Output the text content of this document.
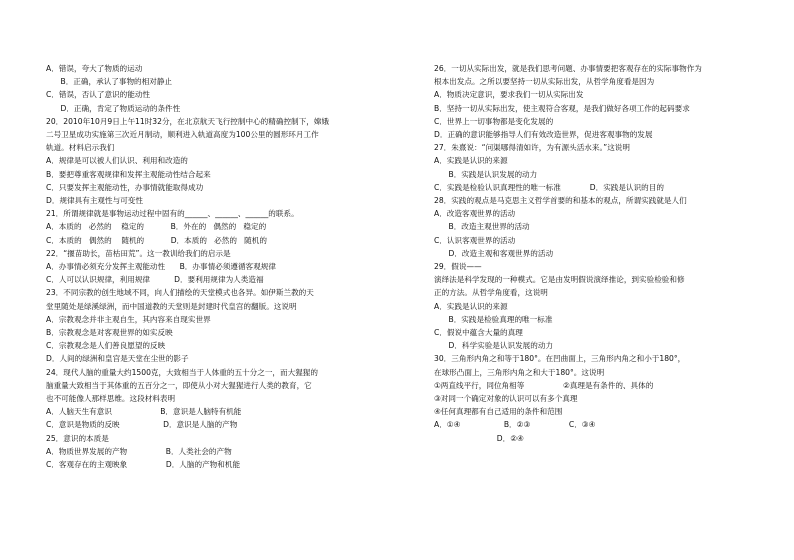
A．错误，夸大了物质的运动
B．正确，承认了事物的相对静止
C．错误，否认了意识的能动性
D．正确，肯定了物质运动的条件性
20．2010年10月9日上午11时32分，在北京航天飞行控制中心的精确控制下，嫦娥
二号卫星成功实施第三次近月制动，顺利进入轨道高度为100公里的圆形环月工作
轨道。材料启示我们
A．规律是可以被人们认识、利用和改造的
B．要把尊重客观规律和发挥主观能动性结合起来
C．只要发挥主观能动性，办事情就能取得成功
D．规律具有主观性与可变性
21．所谓规律就是事物运动过程中固有的______、______、______的联系。
A．本质的   必然的    稳定的           B．外在的   偶然的   稳定的
C．本质的   偶然的    随机的           D．本质的   必然的   随机的
22．“揠苗助长，苗枯田荒”。这一教训给我们的启示是
A．办事情必须充分发挥主观能动性      B．办事情必须遵循客观规律
C．人可以认识规律，利用规律          D．要利用规律为人类造福
23．不同宗教的创生地域不同，向人们描绘的天堂模式也各异。如伊斯兰教的天
堂里随处是绿溪绿洲，而中国道教的天堂则是封建时代皇宫的翻版。这说明
A．宗教观念并非主观自生，其内容来自现实世界
B．宗教观念是对客观世界的如实反映
C．宗教观念是人们善良愿望的反映
D．人间的绿洲和皇宫是天堂在尘世的影子
24．现代人脑的重量大约1500克，大致相当于人体重的五十分之一，而大猩猩的
脑重量大致相当于其体重的五百分之一，即使从小对大猩猩进行人类的教育，它
也不可能像人那样思维。这段材料表明
A．人脑天生有意识                    B．意识是人脑特有机能
C．意识是物质的反映                  D．意识是人脑的产物
25．意识的本质是
A．物质世界发展的产物                B．人类社会的产物
C．客观存在的主观映象                D．人脑的产物和机能
26．一切从实际出发，就是我们思考问题、办事情要把客观存在的实际事物作为
根本出发点。之所以要坚持一切从实际出发，从哲学角度看是因为
A．物质决定意识，要求我们一切从实际出发
B．坚持一切从实际出发，使主观符合客观，是我们做好各项工作的起码要求
C．世界上一切事物都是变化发展的
D．正确的意识能够指导人们有效改造世界，促进客观事物的发展
27．朱熹说：“问渠哪得清如许，为有源头活水来。”这说明
A．实践是认识的来源
B．实践是认识发展的动力
C．实践是检验认识真理性的唯一标准            D．实践是认识的目的
28．实践的观点是马克思主义哲学首要的和基本的观点，所谓实践就是人们
A．改造客观世界的活动
B．改造主观世界的活动
C．认识客观世界的活动
D．改造主观和客观世界的活动
29．假说——
演绎法是科学发现的一种模式。它是由发明假说演绎推论，到实验检验和修
正的方法。从哲学角度看，这说明
A．实践是认识的来源
B．实践是检验真理的唯一标准
C．假说中蕴含大量的真理
D．科学实验是认识发展的动力
30．三角形内角之和等于180°。在凹曲面上，三角形内角之和小于180°，
在球形凸面上，三角形内角之和大于180°。这说明
①两直线平行，同位角相等                ②真理是有条件的、具体的
③对同一个确定对象的认识可以有多个真理
④任何真理都有自己适用的条件和范围
A．①④                  B．②③                C．③④
D．②④
